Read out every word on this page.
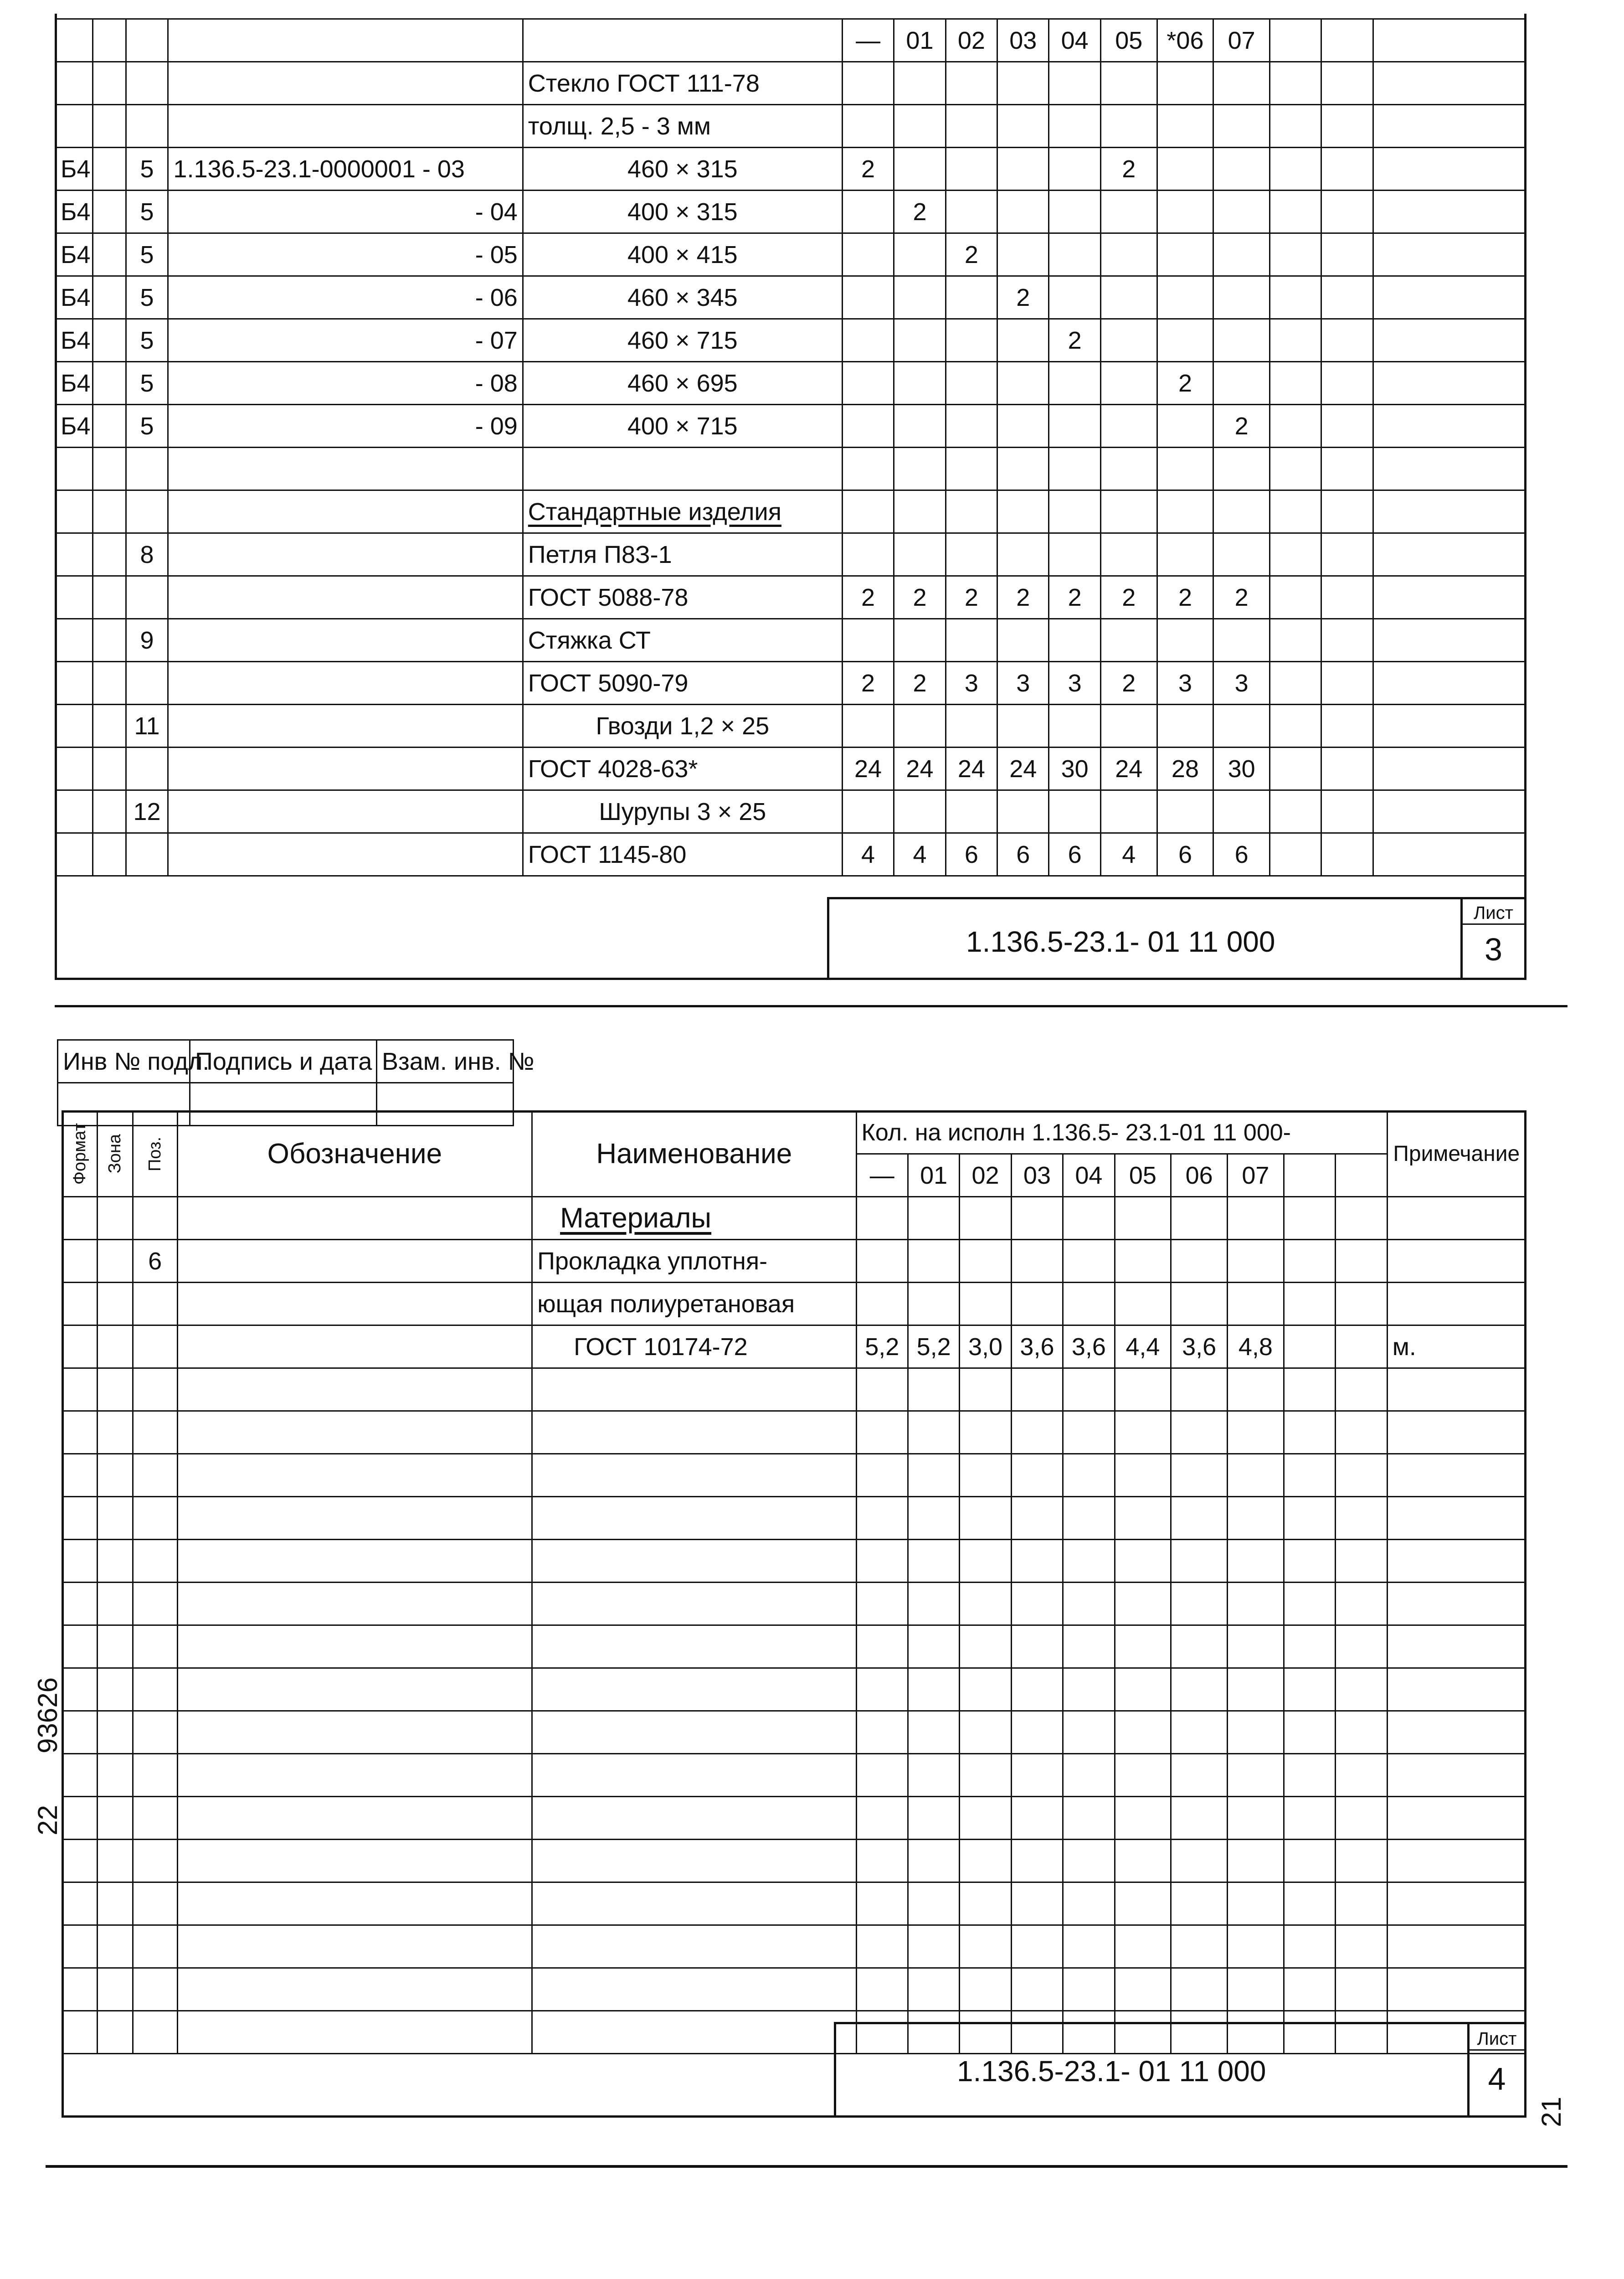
					—	01	02	03	04	05	*06	07			
				Стекло ГОСТ 111-78											
				толщ. 2,5 - 3 мм											
Б4		5	1.136.5-23.1-0000001 - 03	460 × 315	2					2					
Б4		5	- 04	400 × 315		2									
Б4		5	- 05	400 × 415			2								
Б4		5	- 06	460 × 345				2							
Б4		5	- 07	460 × 715					2						
Б4		5	- 08	460 × 695							2				
Б4		5	- 09	400 × 715								2			

				Стандартные изделия											
		8		Петля П8З-1											
				ГОСТ 5088-78	2	2	2	2	2	2	2	2			
		9		Стяжка СТ											
				ГОСТ 5090-79	2	2	3	3	3	2	3	3			
		11		Гвозди 1,2 × 25											
				ГОСТ 4028-63*	24	24	24	24	30	24	28	30			
		12		Шурупы 3 × 25											
				ГОСТ 1145-80	4	4	6	6	6	4	6	6			
1.136.5-23.1- 01 11 000
Лист
3
Инв № подл.	Подпись и дата	Взам. инв. №

Формат	Зона	Поз.	Обозначение	Наименование	Кол. на исполн 1.136.5- 23.1-01 11 000-										Примечание
					—	01	02	03	04	05	06	07			
				Материалы											
		6		Прокладка уплотня-											
				ющая полиуретановая											
				ГОСТ 10174-72	5,2	5,2	3,0	3,6	3,6	4,4	3,6	4,8			м.

1.136.5-23.1- 01 11 000
Лист
4
93626
22
21
